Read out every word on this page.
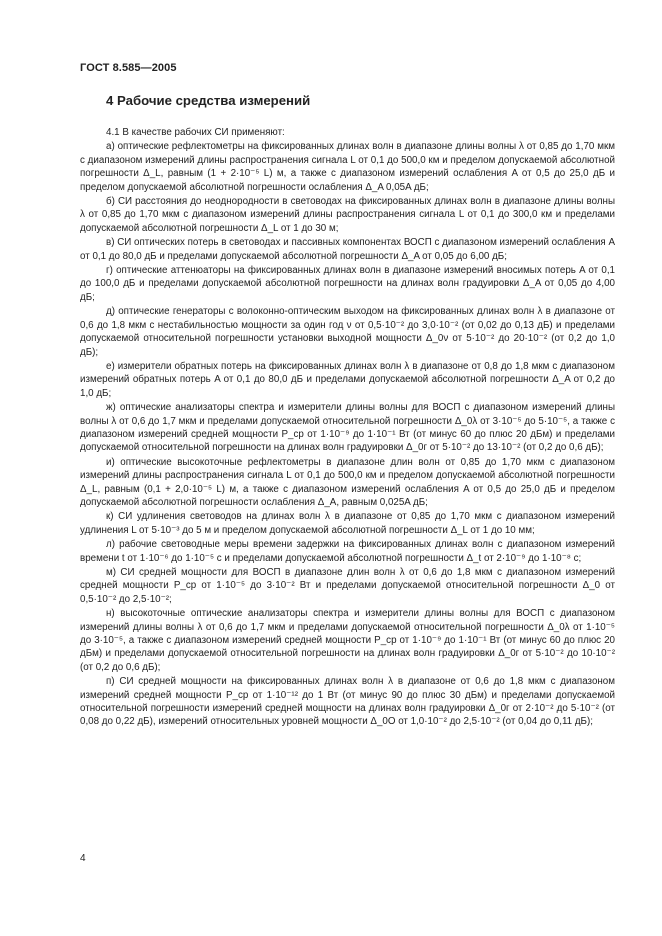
ГОСТ 8.585—2005
4 Рабочие средства измерений

4.1 В качестве рабочих СИ применяют:

а) оптические рефлектометры на фиксированных длинах волн в диапазоне длины волны λ от 0,85 до 1,70 мкм с диапазоном измерений длины распространения сигнала L от 0,1 до 500,0 км и пределом допускаемой абсолютной погрешности Δ_L, равным (1 + 2·10⁻⁵ L) м, а также с диапазоном измерений ослабления A от 0,5 до 25,0 дБ и пределом допускаемой абсолютной погрешности ослабления Δ_A 0,05A дБ;

б) СИ расстояния до неоднородности в световодах на фиксированных длинах волн в диапазоне длины волны λ от 0,85 до 1,70 мкм с диапазоном измерений длины распространения сигнала L от 0,1 до 300,0 км и пределами допускаемой абсолютной погрешности Δ_L от 1 до 30 м;

в) СИ оптических потерь в световодах и пассивных компонентах ВОСП с диапазоном измерений ослабления A от 0,1 до 80,0 дБ и пределами допускаемой абсолютной погрешности Δ_A от 0,05 до 6,00 дБ;

г) оптические аттенюаторы на фиксированных длинах волн в диапазоне измерений вносимых потерь A от 0,1 до 100,0 дБ и пределами допускаемой абсолютной погрешности на длинах волн градуировки Δ_A от 0,05 до 4,00 дБ;

д) оптические генераторы с волоконно-оптическим выходом на фиксированных длинах волн λ в диапазоне от 0,6 до 1,8 мкм с нестабильностью мощности за один год ν от 0,5·10⁻² до 3,0·10⁻² (от 0,02 до 0,13 дБ) и пределами допускаемой относительной погрешности установки выходной мощности Δ_0ν от 5·10⁻² до 20·10⁻² (от 0,2 до 1,0 дБ);

е) измерители обратных потерь на фиксированных длинах волн λ в диапазоне от 0,8 до 1,8 мкм с диапазоном измерений обратных потерь A от 0,1 до 80,0 дБ и пределами допускаемой абсолютной погрешности Δ_A от 0,2 до 1,0 дБ;

ж) оптические анализаторы спектра и измерители длины волны для ВОСП с диапазоном измерений длины волны λ от 0,6 до 1,7 мкм и пределами допускаемой относительной погрешности Δ_0λ от 3·10⁻⁵ до 5·10⁻⁵, а также с диапазоном измерений средней мощности P_ср от 1·10⁻⁹ до 1·10⁻¹ Вт (от минус 60 до плюс 20 дБм) и пределами допускаемой относительной погрешности на длинах волн градуировки Δ_0г от 5·10⁻² до 13·10⁻² (от 0,2 до 0,6 дБ);

и) оптические высокоточные рефлектометры в диапазоне длин волн от 0,85 до 1,70 мкм с диапазоном измерений длины распространения сигнала L от 0,1 до 500,0 км и пределом допускаемой абсолютной погрешности Δ_L, равным (0,1 + 2,0·10⁻⁵ L) м, а также с диапазоном измерений ослабления A от 0,5 до 25,0 дБ и пределом допускаемой абсолютной погрешности ослабления Δ_A, равным 0,025A дБ;

к) СИ удлинения световодов на длинах волн λ в диапазоне от 0,85 до 1,70 мкм с диапазоном измерений удлинения L от 5·10⁻³ до 5 м и пределом допускаемой абсолютной погрешности Δ_L от 1 до 10 мм;

л) рабочие световодные меры времени задержки на фиксированных длинах волн с диапазоном измерений времени t от 1·10⁻⁶ до 1·10⁻⁵ с и пределами допускаемой абсолютной погрешности Δ_t от 2·10⁻⁹ до 1·10⁻⁸ с;

м) СИ средней мощности для ВОСП в диапазоне длин волн λ от 0,6 до 1,8 мкм с диапазоном измерений средней мощности P_ср от 1·10⁻⁵ до 3·10⁻² Вт и пределами допускаемой относительной погрешности Δ_0 от 0,5·10⁻² до 2,5·10⁻²;

н) высокоточные оптические анализаторы спектра и измерители длины волны для ВОСП с диапазоном измерений длины волны λ от 0,6 до 1,7 мкм и пределами допускаемой относительной погрешности Δ_0λ от 1·10⁻⁵ до 3·10⁻⁵, а также с диапазоном измерений средней мощности P_ср от 1·10⁻⁹ до 1·10⁻¹ Вт (от минус 60 до плюс 20 дБм) и пределами допускаемой относительной погрешности на длинах волн градуировки Δ_0г от 5·10⁻² до 10·10⁻² (от 0,2 до 0,6 дБ);

п) СИ средней мощности на фиксированных длинах волн λ в диапазоне от 0,6 до 1,8 мкм с диапазоном измерений средней мощности P_ср от 1·10⁻¹² до 1 Вт (от минус 90 до плюс 30 дБм) и пределами допускаемой относительной погрешности измерений средней мощности на длинах волн градуировки Δ_0г от 2·10⁻² до 5·10⁻² (от 0,08 до 0,22 дБ), измерений относительных уровней мощности Δ_0О от 1,0·10⁻² до 2,5·10⁻² (от 0,04 до 0,11 дБ);

4
